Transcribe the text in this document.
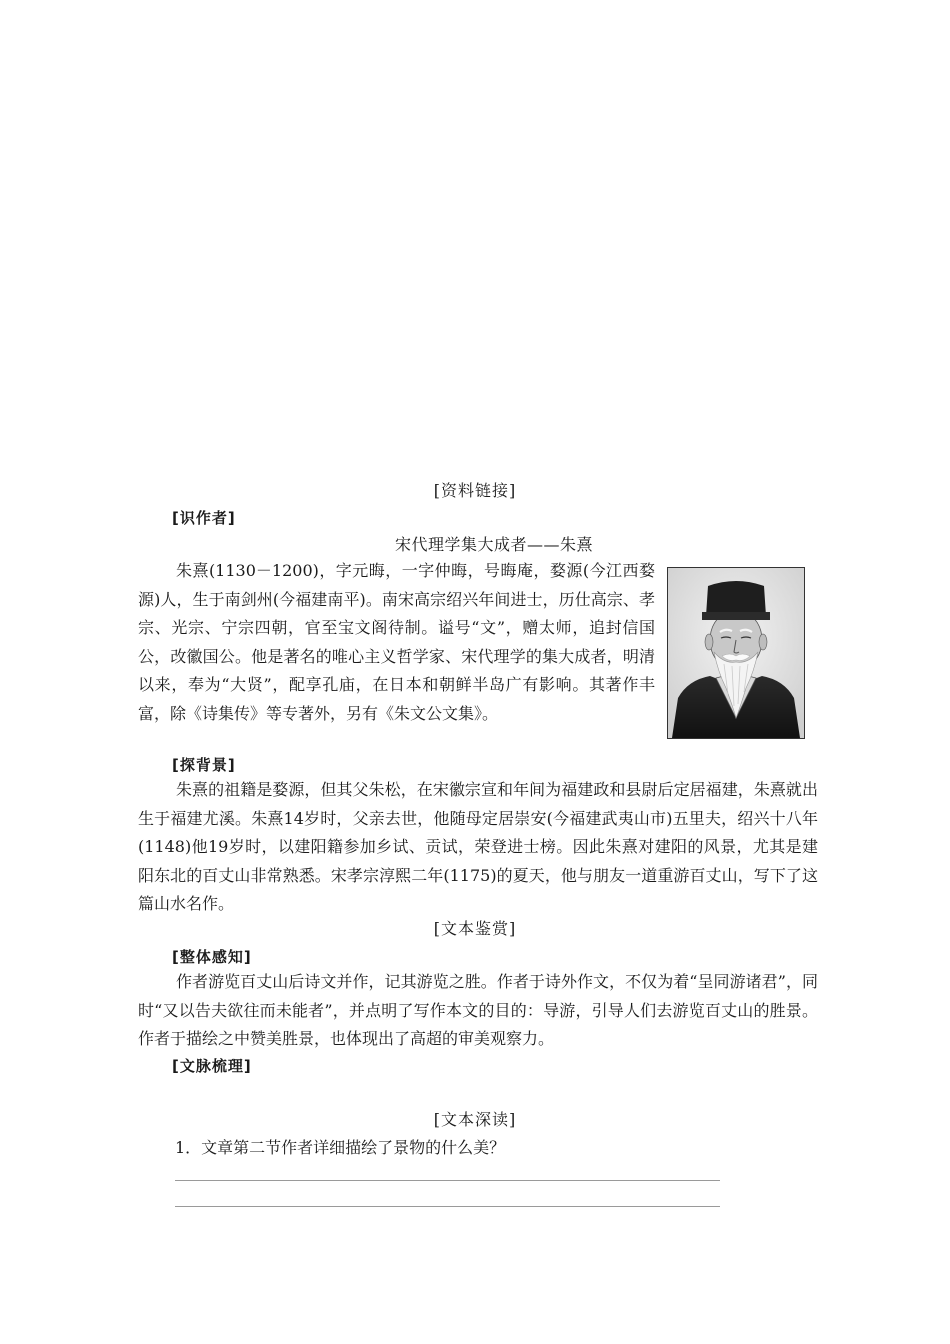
[资料链接]
[识作者]
宋代理学集大成者——朱熹
朱熹(1130－1200)，字元晦，一字仲晦，号晦庵，婺源(今江西婺源)人，生于南剑州(今福建南平)。南宋高宗绍兴年间进士，历仕高宗、孝宗、光宗、宁宗四朝，官至宝文阁待制。谥号“文”，赠太师，追封信国公，改徽国公。他是著名的唯心主义哲学家、宋代理学的集大成者，明清以来，奉为“大贤”，配享孔庙，在日本和朝鲜半岛广有影响。其著作丰富，除《诗集传》等专著外，另有《朱文公文集》。
[探背景]
朱熹的祖籍是婺源，但其父朱松，在宋徽宗宣和年间为福建政和县尉后定居福建，朱熹就出生于福建尤溪。朱熹14岁时，父亲去世，他随母定居崇安(今福建武夷山市)五里夫，绍兴十八年(1148)他19岁时，以建阳籍参加乡试、贡试，荣登进士榜。因此朱熹对建阳的风景，尤其是建阳东北的百丈山非常熟悉。宋孝宗淳熙二年(1175)的夏天，他与朋友一道重游百丈山，写下了这篇山水名作。
[文本鉴赏]
[整体感知]
作者游览百丈山后诗文并作，记其游览之胜。作者于诗外作文，不仅为着“呈同游诸君”，同时“又以告夫欲往而未能者”，并点明了写作本文的目的：导游，引导人们去游览百丈山的胜景。作者于描绘之中赞美胜景，也体现出了高超的审美观察力。
[文脉梳理]
[文本深读]
1．文章第二节作者详细描绘了景物的什么美？
